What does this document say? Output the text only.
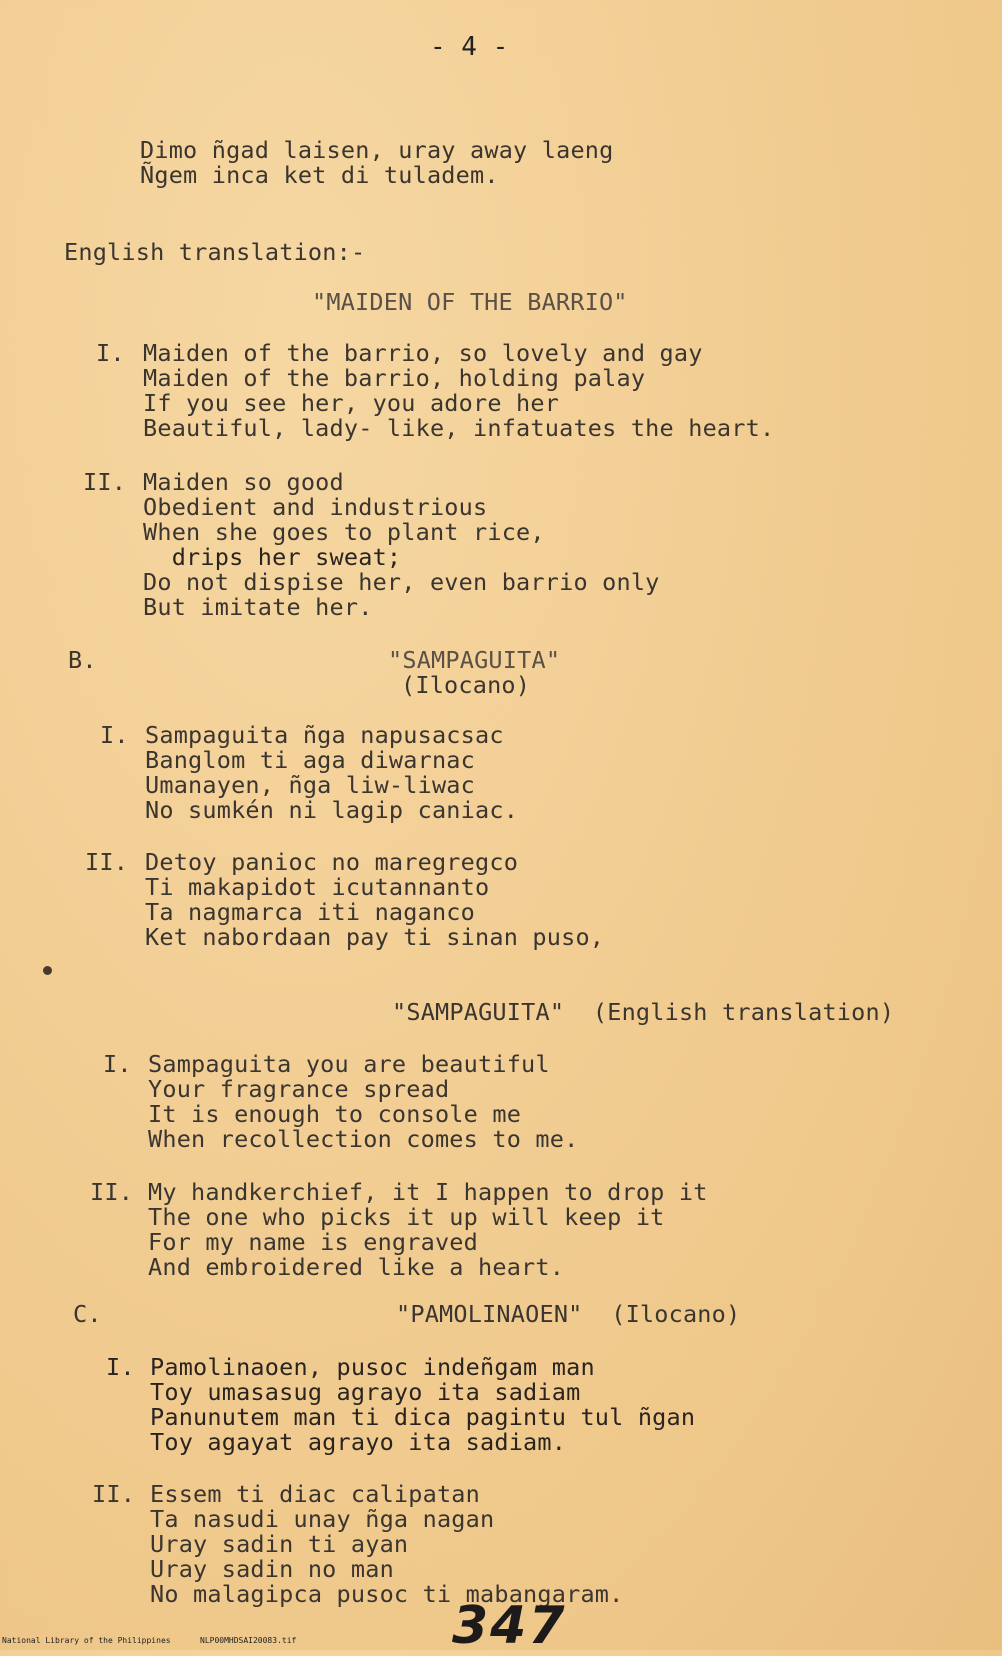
- 4 -
Dimo ñgad laisen, uray away laeng
Ñgem inca ket di tuladem.
English translation:-
"MAIDEN OF THE BARRIO"
I. Maiden of the barrio, so lovely and gay
Maiden of the barrio, holding palay
If you see her, you adore her
Beautiful, lady- like, infatuates the heart.
II. Maiden so good
Obedient and industrious
When she goes to plant rice,
drips her sweat;
Do not dispise her, even barrio only
But imitate her.
B.	"SAMPAGUITA"
(Ilocano)
I. Sampaguita ñga napusacsac
Banglom ti aga diwarnac
Umanayen, ñga liw-liwac
No sumkén ni lagip caniac.
II. Detoy panioc no maregregco
Ti makapidot icutannanto
Ta nagmarca iti naganco
Ket nabordaan pay ti sinan puso,
"SAMPAGUITA"  (English translation)
I. Sampaguita you are beautiful
Your fragrance spread
It is enough to console me
When recollection comes to me.
II. My handkerchief, it I happen to drop it
The one who picks it up will keep it
For my name is engraved
And embroidered like a heart.
C.	"PAMOLINAOEN"  (Ilocano)
I. Pamolinaoen, pusoc indeñgam man
Toy umasasug agrayo ita sadiam
Panunutem man ti dica pagintu tul ñgan
Toy agayat agrayo ita sadiam.
II. Essem ti diac calipatan
Ta nasudi unay ñga nagan
Uray sadin ti ayan
Uray sadin no man
No malagipca pusoc ti mabangaram.
347
National Library of the Philippines	NLP00MHDSAI20083.tif
